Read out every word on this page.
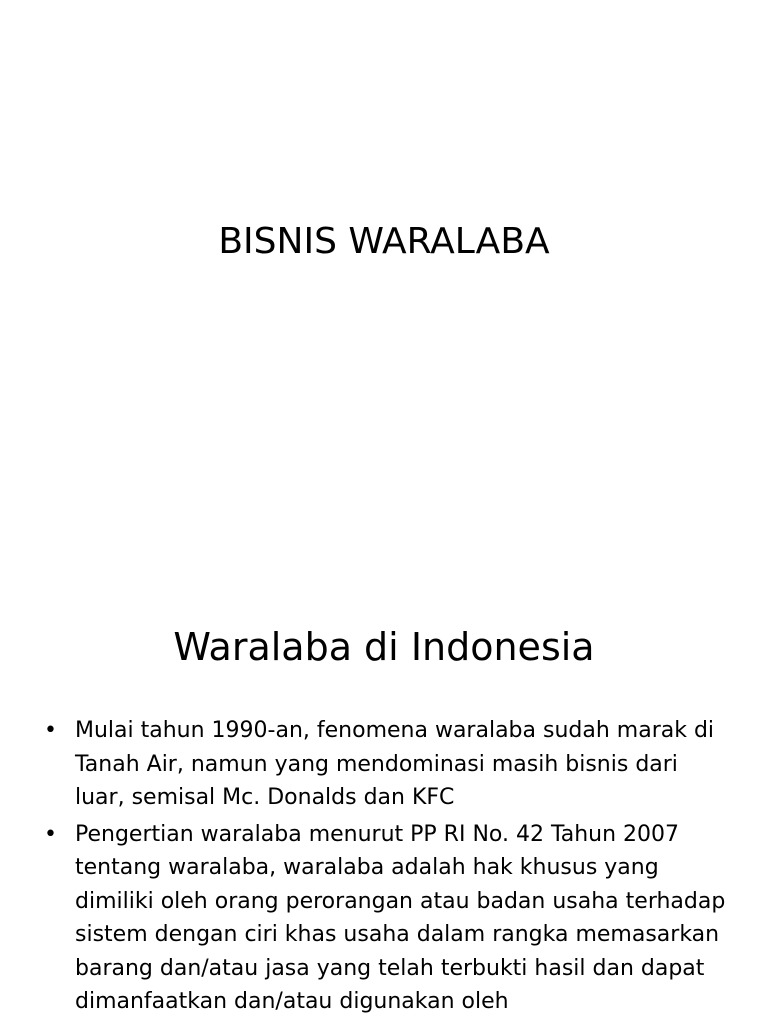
BISNIS WARALABA
Waralaba di Indonesia
• Mulai tahun 1990-an, fenomena waralaba sudah marak di Tanah Air, namun yang mendominasi masih bisnis dari luar, semisal Mc. Donalds dan KFC
• Pengertian waralaba menurut PP RI No. 42 Tahun 2007 tentang waralaba, waralaba adalah hak khusus yang dimiliki oleh orang perorangan atau badan usaha terhadap sistem dengan ciri khas usaha dalam rangka memasarkan barang dan/atau jasa yang telah terbukti hasil dan dapat dimanfaatkan dan/atau digunakan oleh
